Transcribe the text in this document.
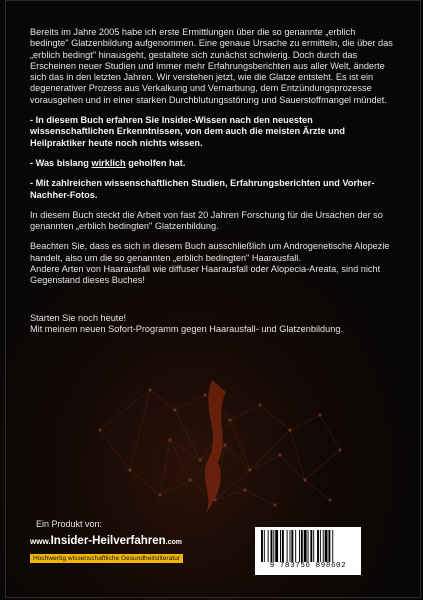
Bereits im Jahre 2005 habe ich erste Ermittlungen über die so genannte „erblich bedingte" Glatzenbildung aufgenommen. Eine genaue Ursache zu ermitteln, die über das „erblich bedingt" hinausgeht, gestaltete sich zunächst schwierig. Doch durch das Erscheinen neuer Studien und immer mehr Erfahrungsberichten aus aller Welt, änderte sich das in den letzten Jahren. Wir verstehen jetzt, wie die Glatze entsteht. Es ist ein degenerativer Prozess aus Verkalkung und Vernarbung, dem Entzündungsprozesse vorausgehen und in einer starken Durchblutungsstörung und Sauerstoffmangel mündet.

- In diesem Buch erfahren Sie Insider-Wissen nach den neuesten wissenschaftlichen Erkenntnissen, von dem auch die meisten Ärzte und Heilpraktiker heute noch nichts wissen.

- Was bislang wirklich geholfen hat.

- Mit zahlreichen wissenschaftlichen Studien, Erfahrungsberichten und Vorher-Nachher-Fotos.

In diesem Buch steckt die Arbeit von fast 20 Jahren Forschung für die Ursachen der so genannten „erblich bedingten" Glatzenbildung.

Beachten Sie, dass es sich in diesem Buch ausschließlich um Androgenetische Alopezie handelt, also um die so genannten „erblich bedingten" Haarausfall.

Andere Arten von Haarausfall wie diffuser Haarausfall oder Alopecia-Areata, sind nicht Gegenstand dieses Buches!

Starten Sie noch heute!
Mit meinem neuen Sofort-Programm gegen Haarausfall- und Glatzenbildung.

Ein Produkt von:
www.Insider-Heilverfahren.com
Hochwertig wissenschaftliche Gesundheitsliteratur
9 783756 898602
